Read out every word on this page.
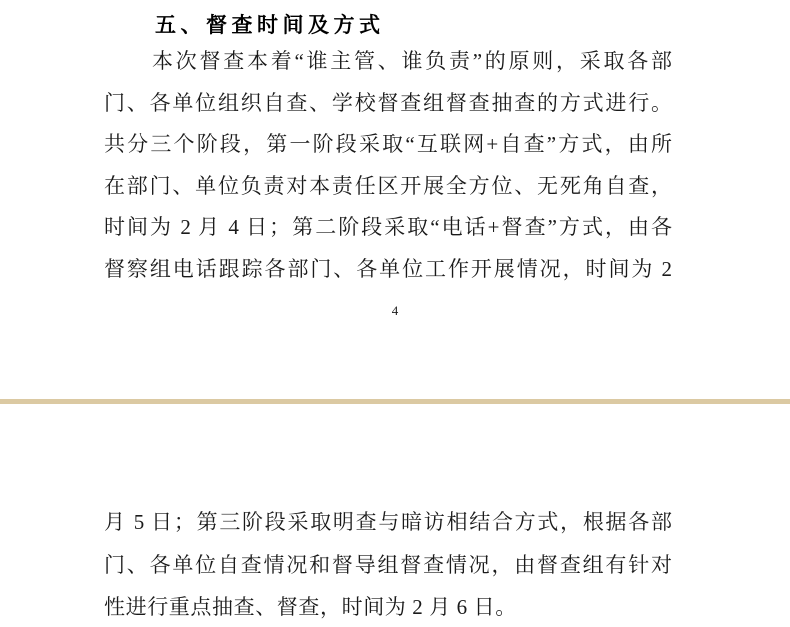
五、督查时间及方式
本次督查本着“谁主管、谁负责”的原则，采取各部
门、各单位组织自查、学校督查组督查抽查的方式进行。
共分三个阶段，第一阶段采取“互联网+自查”方式，由所
在部门、单位负责对本责任区开展全方位、无死角自查，
时间为 2 月 4 日；第二阶段采取“电话+督查”方式，由各
督察组电话跟踪各部门、各单位工作开展情况，时间为 2
4
月 5 日；第三阶段采取明查与暗访相结合方式，根据各部
门、各单位自查情况和督导组督查情况，由督查组有针对
性进行重点抽查、督查，时间为 2 月 6 日。
